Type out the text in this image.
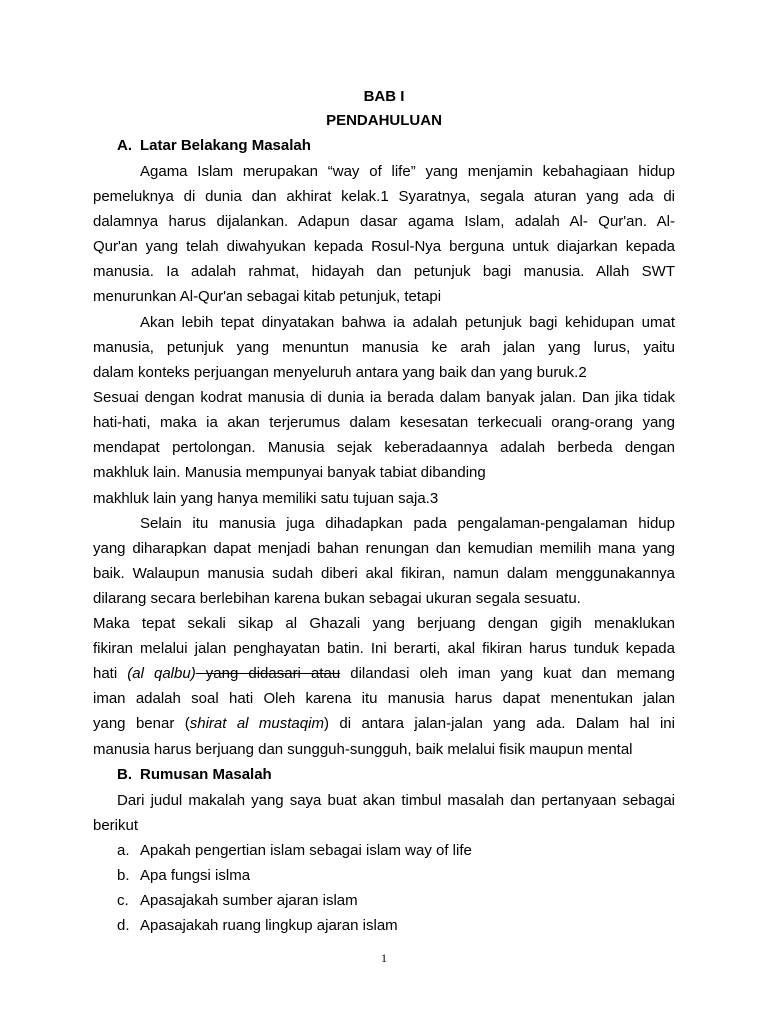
BAB I
PENDAHULUAN
A. Latar Belakang Masalah
Agama Islam merupakan “way of life” yang menjamin kebahagiaan hidup
pemeluknya di dunia dan akhirat kelak.1 Syaratnya, segala aturan yang ada di
dalamnya harus dijalankan. Adapun dasar agama Islam, adalah Al- Qur'an. Al-
Qur'an yang telah diwahyukan kepada Rosul-Nya berguna untuk diajarkan kepada
manusia. Ia adalah rahmat, hidayah dan petunjuk bagi manusia. Allah SWT
menurunkan Al-Qur'an sebagai kitab petunjuk, tetapi
Akan lebih tepat dinyatakan bahwa ia adalah petunjuk bagi kehidupan umat
manusia, petunjuk yang menuntun manusia ke arah jalan yang lurus, yaitu
dalam konteks perjuangan menyeluruh antara yang baik dan yang buruk.2
Sesuai dengan kodrat manusia di dunia ia berada dalam banyak jalan. Dan jika tidak
hati-hati, maka ia akan terjerumus dalam kesesatan terkecuali orang-orang yang
mendapat pertolongan. Manusia sejak keberadaannya adalah berbeda dengan
makhluk lain. Manusia mempunyai banyak tabiat dibanding
makhluk lain yang hanya memiliki satu tujuan saja.3
Selain itu manusia juga dihadapkan pada pengalaman-pengalaman hidup
yang diharapkan dapat menjadi bahan renungan dan kemudian memilih mana yang
baik. Walaupun manusia sudah diberi akal fikiran, namun dalam menggunakannya
dilarang secara berlebihan karena bukan sebagai ukuran segala sesuatu.
Maka tepat sekali sikap al Ghazali yang berjuang dengan gigih menaklukan
fikiran melalui jalan penghayatan batin. Ini berarti, akal fikiran harus tunduk kepada
hati (al qalbu) yang didasari atau dilandasi oleh iman yang kuat dan memang
iman adalah soal hati Oleh karena itu manusia harus dapat menentukan jalan
yang benar (shirat al mustaqim) di antara jalan-jalan yang ada. Dalam hal ini
manusia harus berjuang dan sungguh-sungguh, baik melalui fisik maupun mental
B. Rumusan Masalah
Dari judul makalah yang saya buat akan timbul masalah dan pertanyaan sebagai
berikut
a. Apakah pengertian islam sebagai islam way of life
b. Apa fungsi islma
c. Apasajakah sumber ajaran islam
d. Apasajakah ruang lingkup ajaran islam
1
